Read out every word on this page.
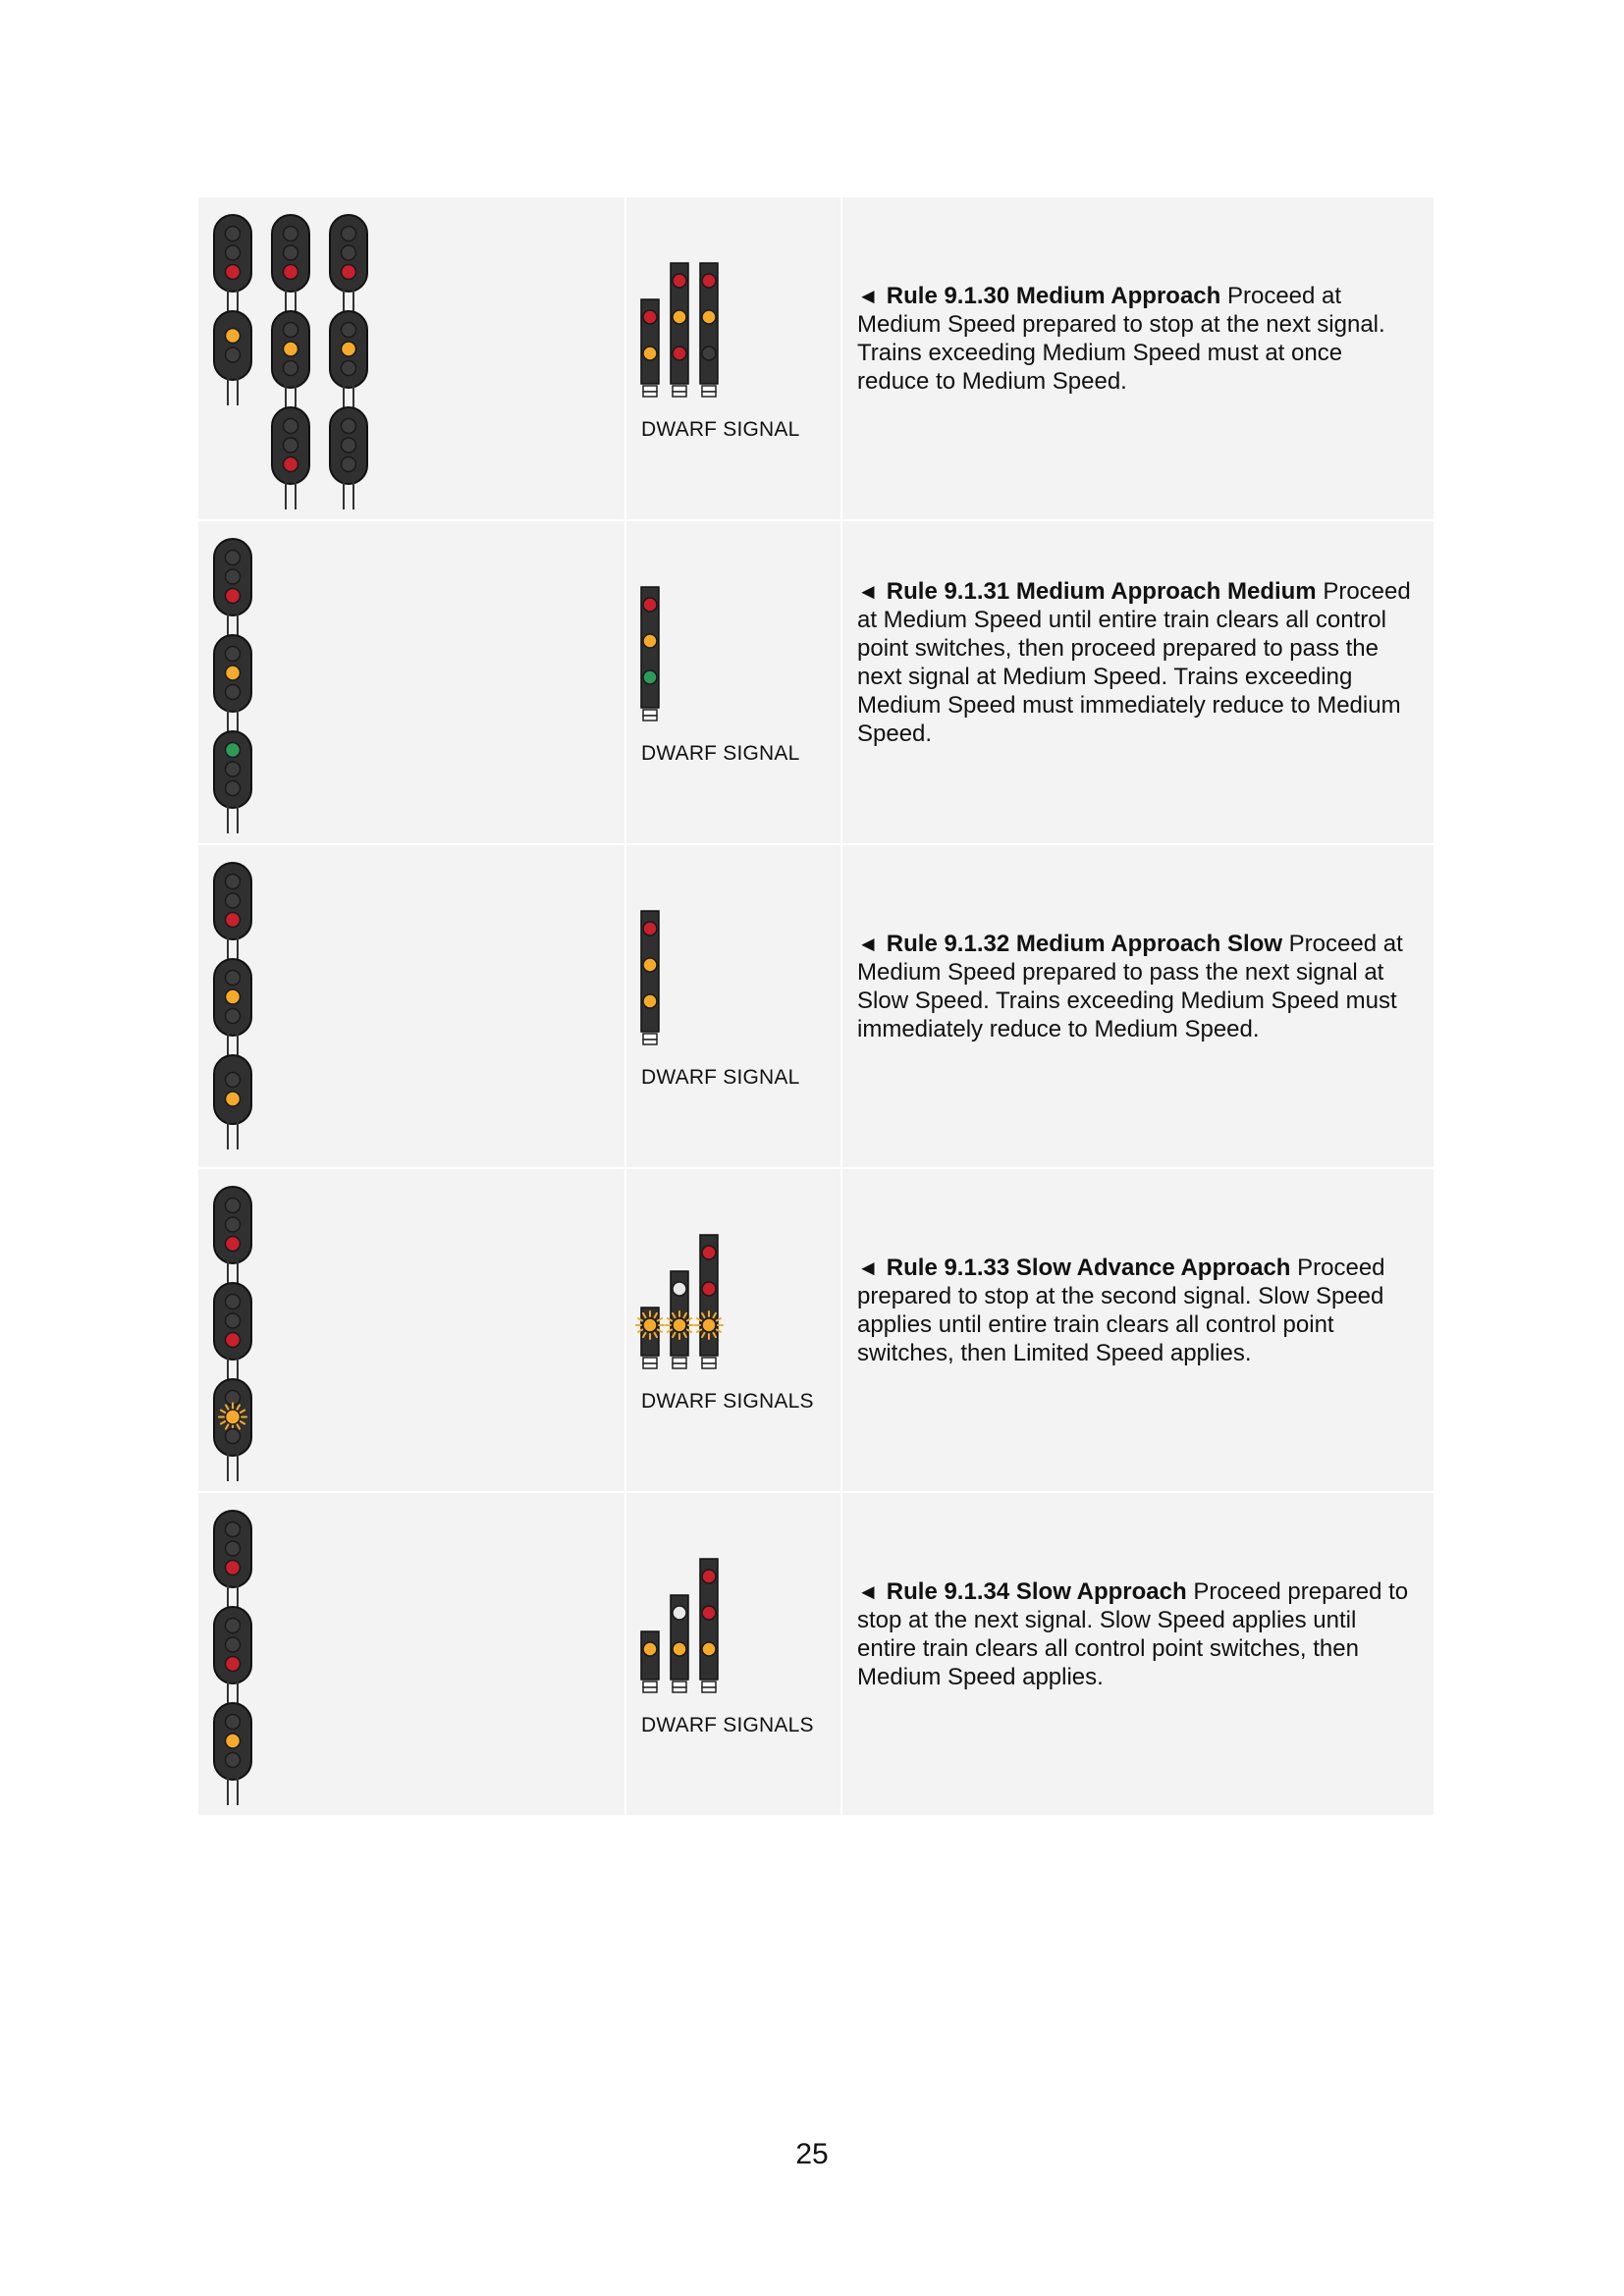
DWARF SIGNAL
◄ Rule 9.1.30 Medium Approach Proceed at Medium Speed prepared to stop at the next signal. Trains exceeding Medium Speed must at once reduce to Medium Speed.
DWARF SIGNAL
◄ Rule 9.1.31 Medium Approach Medium Proceed at Medium Speed until entire train clears all control point switches, then proceed prepared to pass the next signal at Medium Speed. Trains exceeding Medium Speed must immediately reduce to Medium Speed.
DWARF SIGNAL
◄ Rule 9.1.32 Medium Approach Slow Proceed at Medium Speed prepared to pass the next signal at Slow Speed. Trains exceeding Medium Speed must immediately reduce to Medium Speed.
DWARF SIGNALS
◄ Rule 9.1.33 Slow Advance Approach Proceed prepared to stop at the second signal. Slow Speed applies until entire train clears all control point switches, then Limited Speed applies.
DWARF SIGNALS
◄ Rule 9.1.34 Slow Approach Proceed prepared to stop at the next signal. Slow Speed applies until entire train clears all control point switches, then Medium Speed applies.
25
